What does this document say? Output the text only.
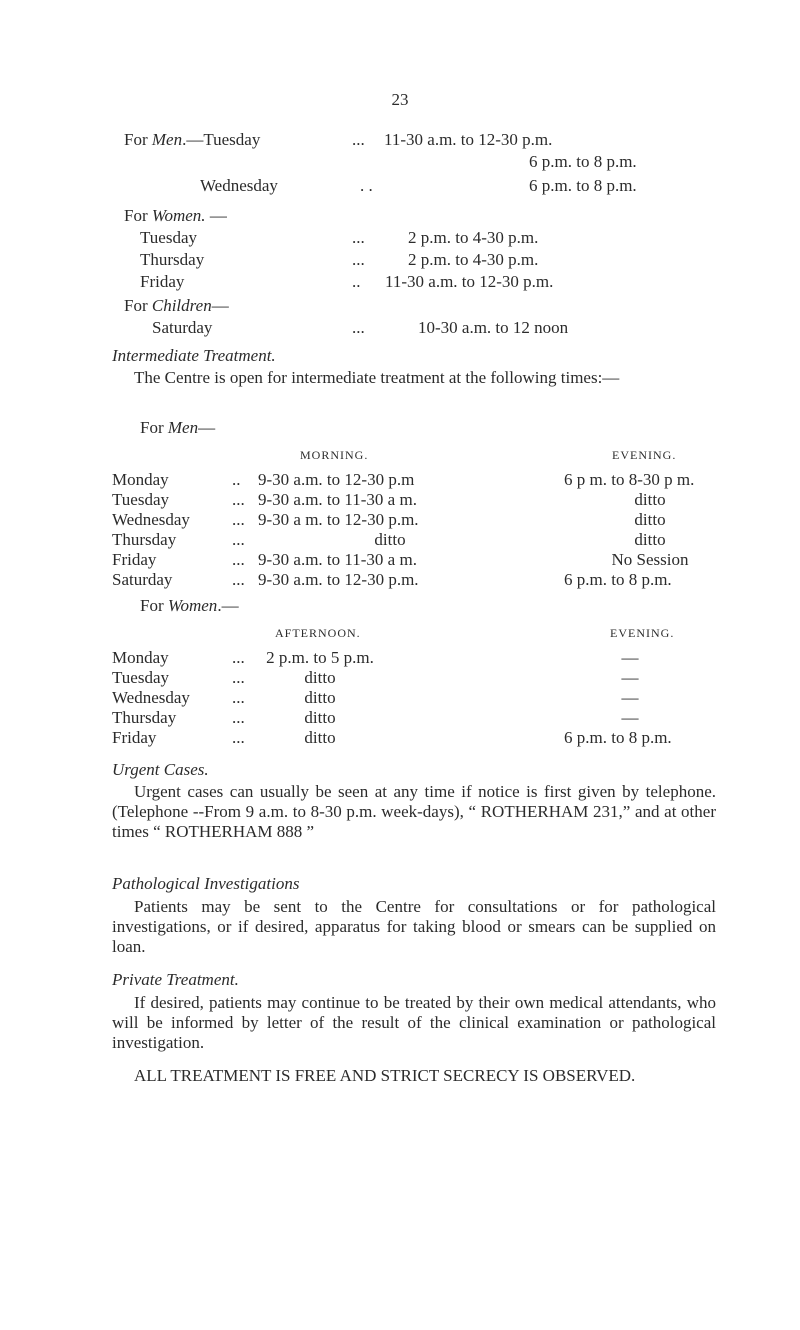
23
For Men.—Tuesday	... 11-30 a.m. to 12-30 p.m.
6 p.m. to 8 p.m.
Wednesday	. .	6 p.m. to 8 p.m.
For Women. —
Tuesday	...	2 p.m. to 4-30 p.m.
Thursday	...	2 p.m. to 4-30 p.m.
Friday	.. 11-30 a.m. to 12-30 p.m.
For Children—
Saturday	...	10-30 a.m. to 12 noon
Intermediate Treatment.
The Centre is open for intermediate treatment at the following times:—
For Men—
MORNING.	EVENING.
Monday	.. 9-30 a.m. to 12-30 p.m	6 p m. to 8-30 p m.
Tuesday	... 9-30 a.m. to 11-30 a m.	ditto
Wednesday ... 9-30 a m. to 12-30 p.m.	ditto
Thursday	...	ditto	ditto
Friday	... 9-30 a.m. to 11-30 a m.	No Session
Saturday	... 9-30 a.m. to 12-30 p.m.	6 p.m. to 8 p.m.
For Women.—
AFTERNOON.	EVENING.
Monday	...	2 p.m. to 5 p.m.	—
Tuesday	...	ditto	—
Wednesday ...	ditto	—
Thursday	...	ditto	—
Friday	...	ditto	6 p.m. to 8 p.m.
Urgent Cases.
Urgent cases can usually be seen at any time if notice is first given by telephone. (Telephone --From 9 a.m. to 8-30 p.m. week-days), “ ROTHERHAM 231,” and at other times “ ROTHERHAM 888 ”
Pathological Investigations
Patients may be sent to the Centre for consultations or for pathological investigations, or if desired, apparatus for taking blood or smears can be supplied on loan.
Private Treatment.
If desired, patients may continue to be treated by their own medical attendants, who will be informed by letter of the result of the clinical examination or pathological investigation.
ALL TREATMENT IS FREE AND STRICT SECRECY IS OBSERVED.
